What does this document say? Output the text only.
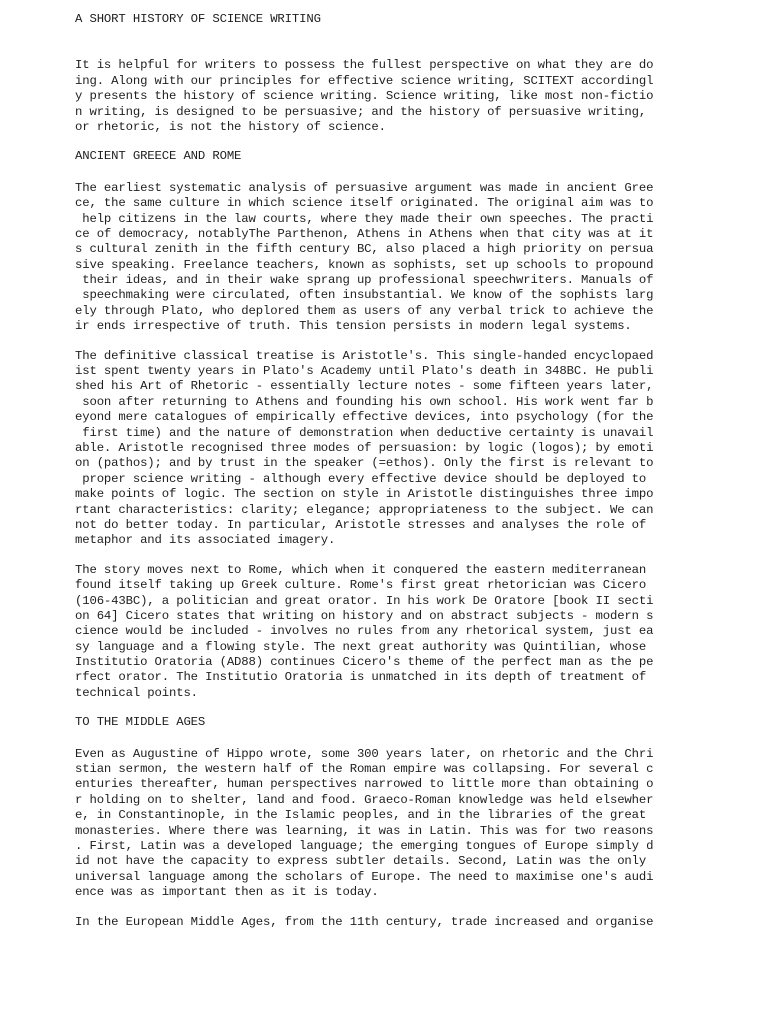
A SHORT HISTORY OF SCIENCE WRITING
It is helpful for writers to possess the fullest perspective on what they are do
ing. Along with our principles for effective science writing, SCITEXT accordingl
y presents the history of science writing. Science writing, like most non-fictio
n writing, is designed to be persuasive; and the history of persuasive writing,
or rhetoric, is not the history of science.
ANCIENT GREECE AND ROME
The earliest systematic analysis of persuasive argument was made in ancient Gree
ce, the same culture in which science itself originated. The original aim was to
help citizens in the law courts, where they made their own speeches. The practi
ce of democracy, notablyThe Parthenon, Athens in Athens when that city was at it
s cultural zenith in the fifth century BC, also placed a high priority on persua
sive speaking. Freelance teachers, known as sophists, set up schools to propound
their ideas, and in their wake sprang up professional speechwriters. Manuals of
speechmaking were circulated, often insubstantial. We know of the sophists larg
ely through Plato, who deplored them as users of any verbal trick to achieve the
ir ends irrespective of truth. This tension persists in modern legal systems.
The definitive classical treatise is Aristotle's. This single-handed encyclopaed
ist spent twenty years in Plato's Academy until Plato's death in 348BC. He publi
shed his Art of Rhetoric - essentially lecture notes - some fifteen years later,
soon after returning to Athens and founding his own school. His work went far b
eyond mere catalogues of empirically effective devices, into psychology (for the
first time) and the nature of demonstration when deductive certainty is unavail
able. Aristotle recognised three modes of persuasion: by logic (logos); by emoti
on (pathos); and by trust in the speaker (=ethos). Only the first is relevant to
proper science writing - although every effective device should be deployed to
make points of logic. The section on style in Aristotle distinguishes three impo
rtant characteristics: clarity; elegance; appropriateness to the subject. We can
not do better today. In particular, Aristotle stresses and analyses the role of
metaphor and its associated imagery.
The story moves next to Rome, which when it conquered the eastern mediterranean
found itself taking up Greek culture. Rome's first great rhetorician was Cicero
(106-43BC), a politician and great orator. In his work De Oratore [book II secti
on 64] Cicero states that writing on history and on abstract subjects - modern s
cience would be included - involves no rules from any rhetorical system, just ea
sy language and a flowing style. The next great authority was Quintilian, whose
Institutio Oratoria (AD88) continues Cicero's theme of the perfect man as the pe
rfect orator. The Institutio Oratoria is unmatched in its depth of treatment of
technical points.
TO THE MIDDLE AGES
Even as Augustine of Hippo wrote, some 300 years later, on rhetoric and the Chri
stian sermon, the western half of the Roman empire was collapsing. For several c
enturies thereafter, human perspectives narrowed to little more than obtaining o
r holding on to shelter, land and food. Graeco-Roman knowledge was held elsewher
e, in Constantinople, in the Islamic peoples, and in the libraries of the great
monasteries. Where there was learning, it was in Latin. This was for two reasons
. First, Latin was a developed language; the emerging tongues of Europe simply d
id not have the capacity to express subtler details. Second, Latin was the only
universal language among the scholars of Europe. The need to maximise one's audi
ence was as important then as it is today.
In the European Middle Ages, from the 11th century, trade increased and organise
